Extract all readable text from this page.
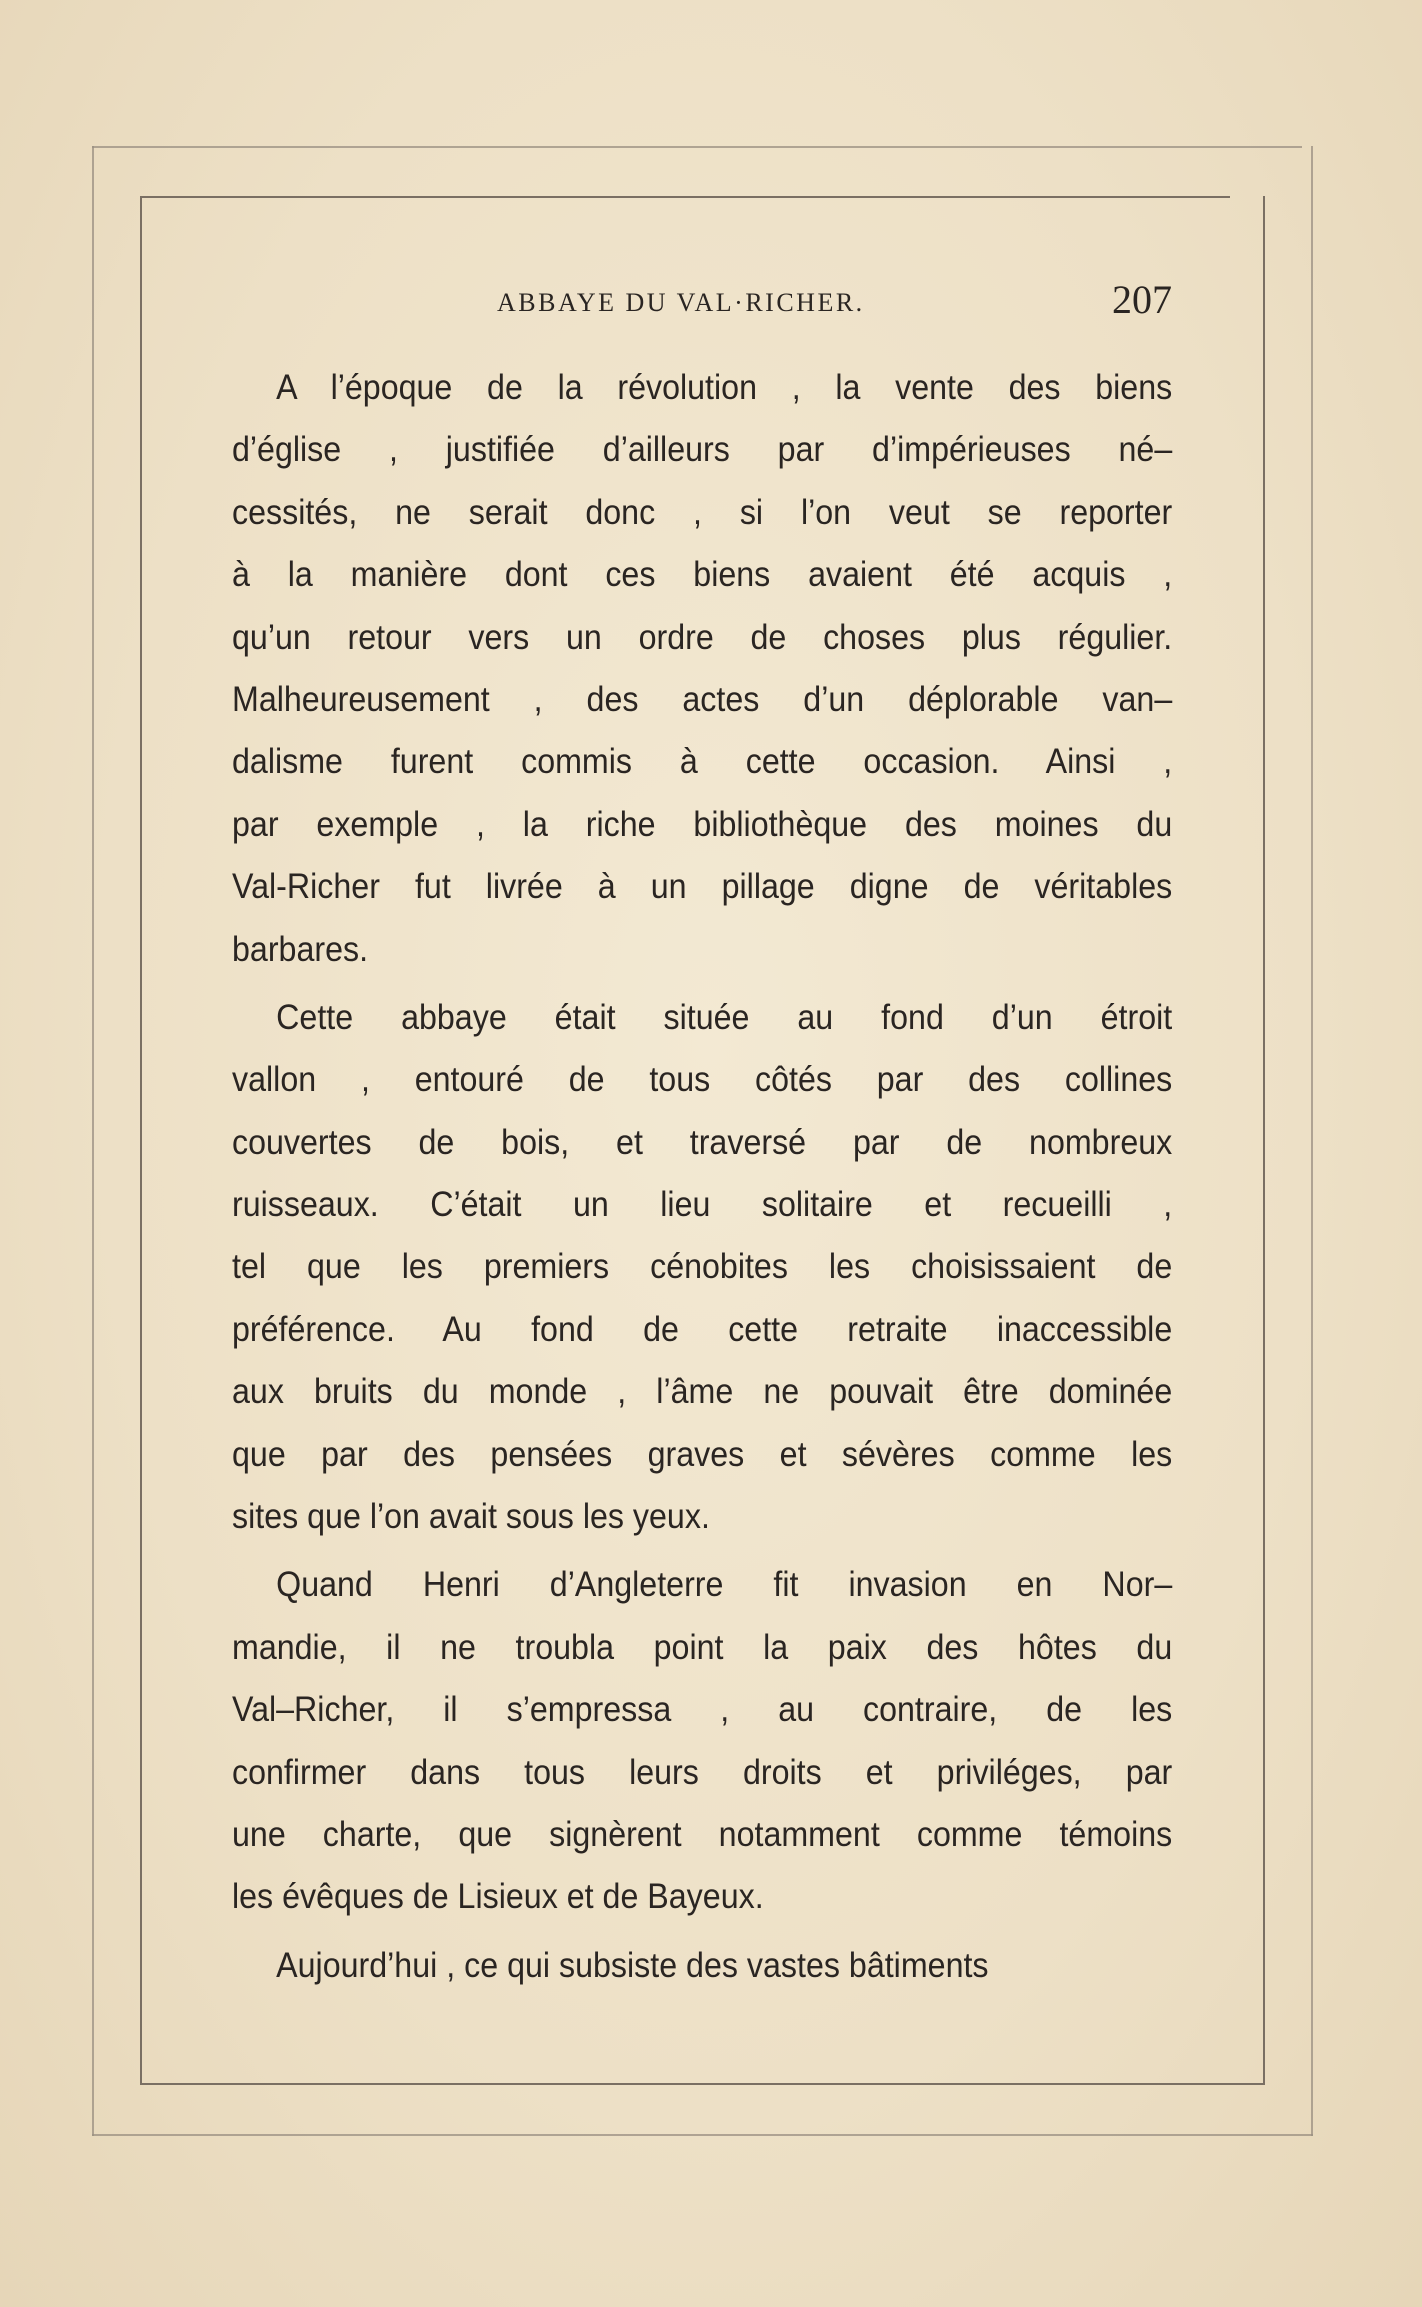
ABBAYE DU VAL·RICHER.	207
A l’époque de la révolution , la vente des biens
d’église , justifiée d’ailleurs par d’impérieuses né–
cessités, ne serait donc , si l’on veut se reporter
à la manière dont ces biens avaient été acquis ,
qu’un retour vers un ordre de choses plus régulier.
Malheureusement , des actes d’un déplorable van–
dalisme furent commis à cette occasion. Ainsi ,
par exemple , la riche bibliothèque des moines du
Val-Richer fut livrée à un pillage digne de véritables
barbares.
Cette abbaye était située au fond d’un étroit
vallon , entouré de tous côtés par des collines
couvertes de bois, et traversé par de nombreux
ruisseaux. C’était un lieu solitaire et recueilli ,
tel que les premiers cénobites les choisissaient de
préférence. Au fond de cette retraite inaccessible
aux bruits du monde , l’âme ne pouvait être dominée
que par des pensées graves et sévères comme les
sites que l’on avait sous les yeux.
Quand Henri d’Angleterre fit invasion en Nor–
mandie, il ne troubla point la paix des hôtes du
Val–Richer, il s’empressa , au contraire, de les
confirmer dans tous leurs droits et priviléges, par
une charte, que signèrent notamment comme témoins
les évêques de Lisieux et de Bayeux.
Aujourd’hui , ce qui subsiste des vastes bâtiments
